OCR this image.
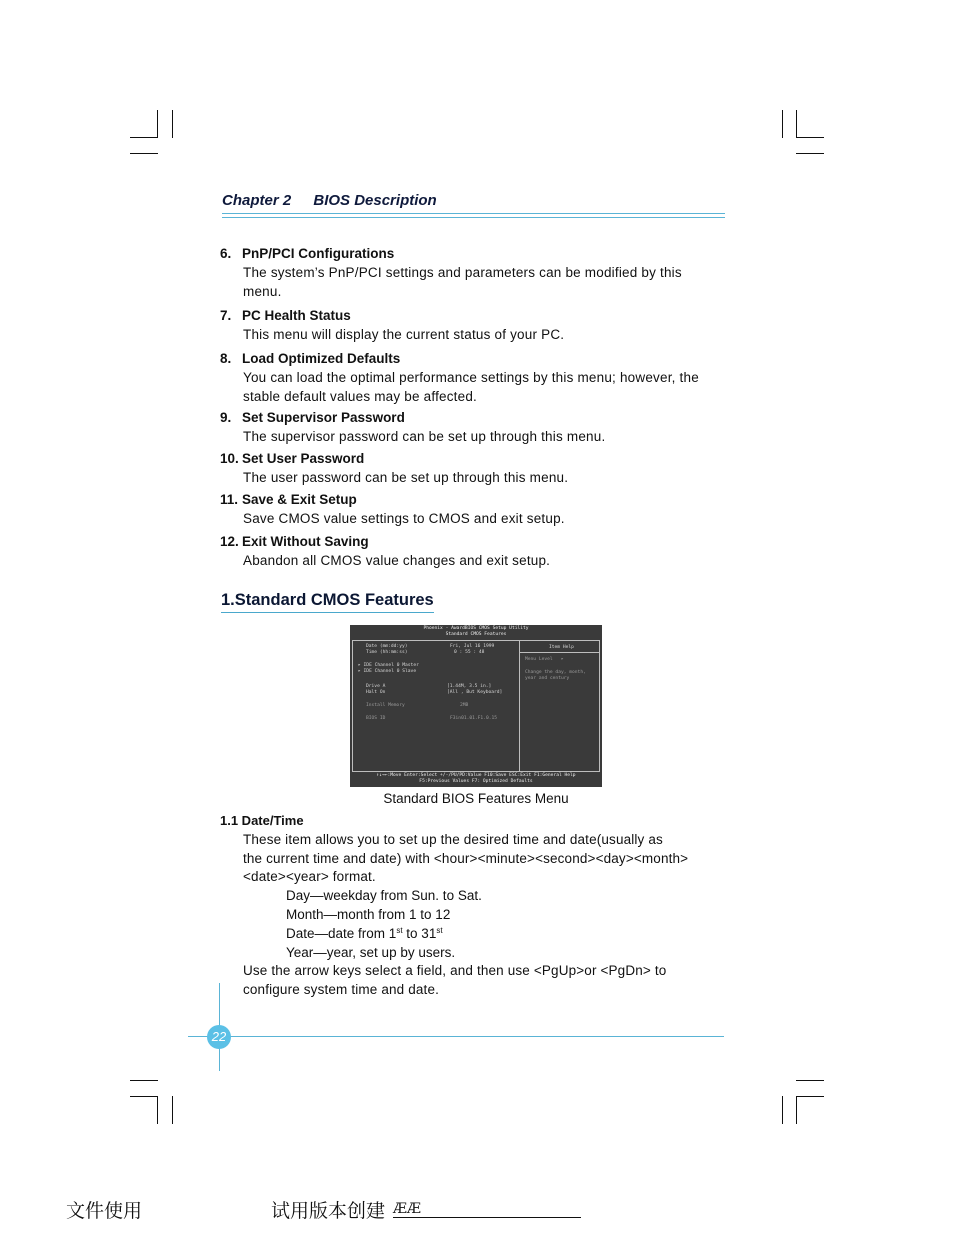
Chapter 2 BIOS Description
6. PnP/PCI Configurations
The system’s PnP/PCI settings and parameters can be modified by this
menu.
7. PC Health Status
This menu will display the current status of your PC.
8. Load Optimized Defaults
You can load the optimal performance settings by this menu; however, the
stable default values may be affected.
9. Set Supervisor Password
The supervisor password can be set up through this menu.
10. Set User Password
The user password can be set up through this menu.
11. Save & Exit Setup
Save CMOS value settings to CMOS and exit setup.
12. Exit Without Saving
Abandon all CMOS value changes and exit setup.
1.Standard CMOS Features
Phoenix - AwardBIOS CMOS Setup Utility
Standard CMOS Features
Date (mm:dd:yy)	Fri, Jul 16 1999
Time (hh:mm:ss)	0 : 55 : 48
▸ IDE Channel 0 Master
▸ IDE Channel 0 Slave
Drive A	[1.44M, 3.5 in.]
Halt On	[All , But Keyboard]
Install Memory	2MB
BIOS ID	F3in01.01.F1.0.15
Item Help
Menu Level   ▸
Change the day, month,
year and century
↑↓→←:Move Enter:Select +/-/PU/PD:Value F10:Save ESC:Exit F1:General Help
F5:Previous Values F7: Optimized Defaults
Standard BIOS Features Menu
1.1 Date/Time
These item allows you to set up the desired time and date(usually as
the current time and date) with <hour><minute><second><day><month>
<date><year> format.
Day—weekday from Sun. to Sat.
Month—month from 1 to 12
Date—date from 1st to 31st
Year—year, set up by users.
Use the arrow keys select a field, and then use <PgUp>or <PgDn> to
configure system time and date.
22
文件使用	试用版本创建 ÆÆ
